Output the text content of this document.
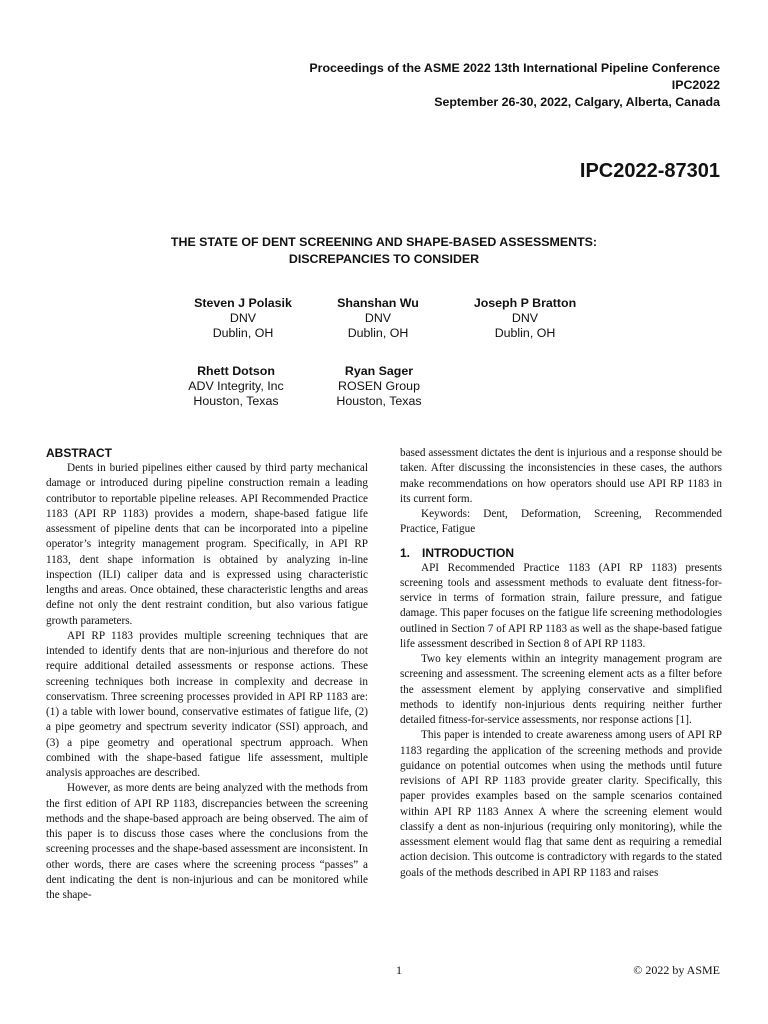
Proceedings of the ASME 2022 13th International Pipeline Conference
IPC2022
September 26-30, 2022, Calgary, Alberta, Canada
IPC2022-87301
THE STATE OF DENT SCREENING AND SHAPE-BASED ASSESSMENTS:
DISCREPANCIES TO CONSIDER
Steven J Polasik
DNV
Dublin, OH
Shanshan Wu
DNV
Dublin, OH
Joseph P Bratton
DNV
Dublin, OH
Rhett Dotson
ADV Integrity, Inc
Houston, Texas
Ryan Sager
ROSEN Group
Houston, Texas
ABSTRACT

Dents in buried pipelines either caused by third party mechanical damage or introduced during pipeline construction remain a leading contributor to reportable pipeline releases. API Recommended Practice 1183 (API RP 1183) provides a modern, shape-based fatigue life assessment of pipeline dents that can be incorporated into a pipeline operator’s integrity management program. Specifically, in API RP 1183, dent shape information is obtained by analyzing in-line inspection (ILI) caliper data and is expressed using characteristic lengths and areas. Once obtained, these characteristic lengths and areas define not only the dent restraint condition, but also various fatigue growth parameters.

API RP 1183 provides multiple screening techniques that are intended to identify dents that are non-injurious and therefore do not require additional detailed assessments or response actions. These screening techniques both increase in complexity and decrease in conservatism. Three screening processes provided in API RP 1183 are: (1) a table with lower bound, conservative estimates of fatigue life, (2) a pipe geometry and spectrum severity indicator (SSI) approach, and (3) a pipe geometry and operational spectrum approach. When combined with the shape-based fatigue life assessment, multiple analysis approaches are described.

However, as more dents are being analyzed with the methods from the first edition of API RP 1183, discrepancies between the screening methods and the shape-based approach are being observed. The aim of this paper is to discuss those cases where the conclusions from the screening processes and the shape-based assessment are inconsistent. In other words, there are cases where the screening process “passes” a dent indicating the dent is non-injurious and can be monitored while the shape-

based assessment dictates the dent is injurious and a response should be taken. After discussing the inconsistencies in these cases, the authors make recommendations on how operators should use API RP 1183 in its current form.

Keywords: Dent, Deformation, Screening, Recommended Practice, Fatigue

1. INTRODUCTION

API Recommended Practice 1183 (API RP 1183) presents screening tools and assessment methods to evaluate dent fitness-for-service in terms of formation strain, failure pressure, and fatigue damage. This paper focuses on the fatigue life screening methodologies outlined in Section 7 of API RP 1183 as well as the shape-based fatigue life assessment described in Section 8 of API RP 1183.

Two key elements within an integrity management program are screening and assessment. The screening element acts as a filter before the assessment element by applying conservative and simplified methods to identify non-injurious dents requiring neither further detailed fitness-for-service assessments, nor response actions [1].

This paper is intended to create awareness among users of API RP 1183 regarding the application of the screening methods and provide guidance on potential outcomes when using the methods until future revisions of API RP 1183 provide greater clarity. Specifically, this paper provides examples based on the sample scenarios contained within API RP 1183 Annex A where the screening element would classify a dent as non-injurious (requiring only monitoring), while the assessment element would flag that same dent as requiring a remedial action decision. This outcome is contradictory with regards to the stated goals of the methods described in API RP 1183 and raises

1	© 2022 by ASME
